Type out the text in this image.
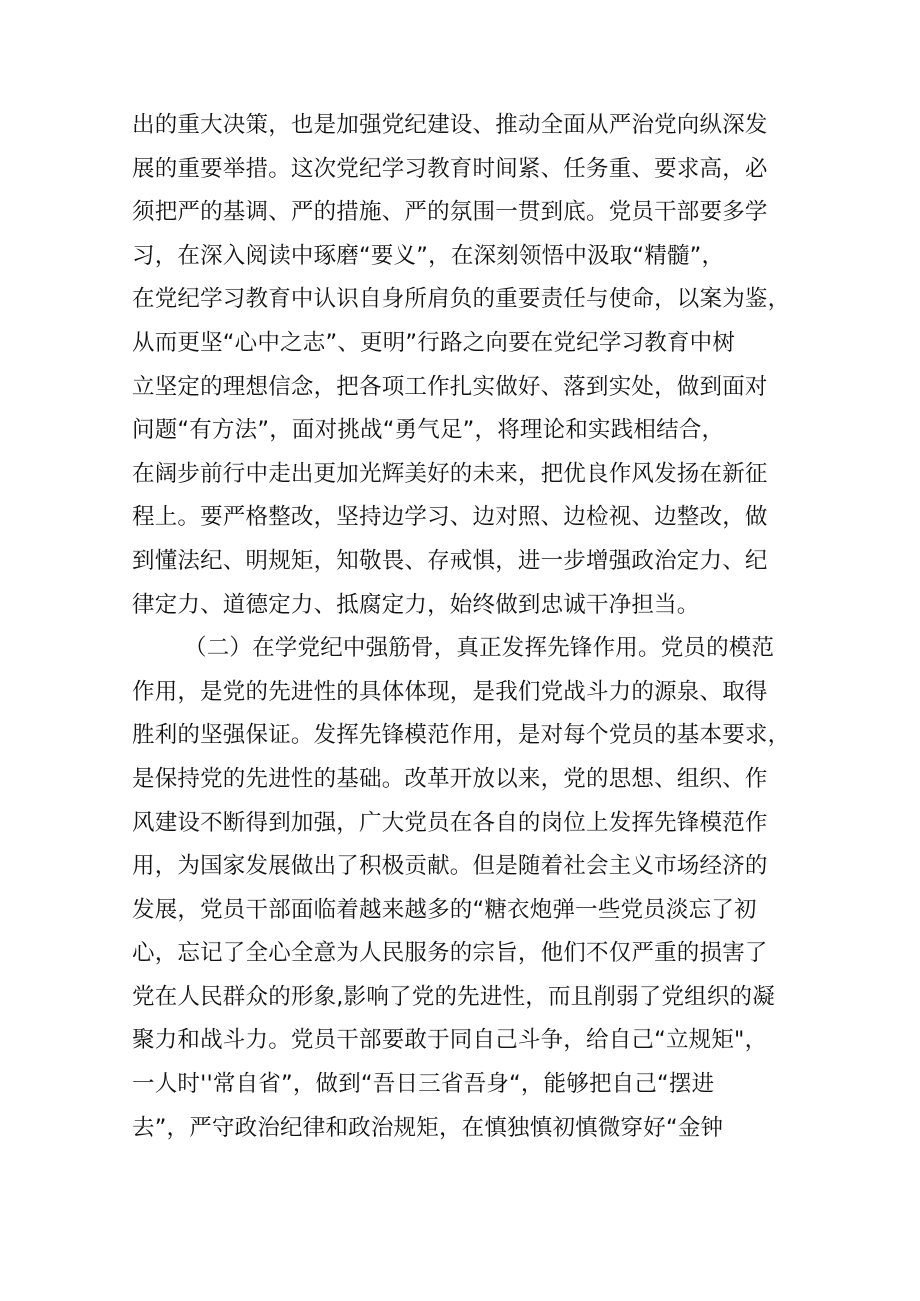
出的重大决策，也是加强党纪建设、推动全面从严治党向纵深发
展的重要举措。这次党纪学习教育时间紧、任务重、要求高，必
须把严的基调、严的措施、严的氛围一贯到底。党员干部要多学
习，在深入阅读中琢磨“要义”，在深刻领悟中汲取“精髓”，
在党纪学习教育中认识自身所肩负的重要责任与使命，以案为鉴，
从而更坚“心中之志”、更明”行路之向要在党纪学习教育中树
立坚定的理想信念，把各项工作扎实做好、落到实处，做到面对
问题“有方法”，面对挑战“勇气足”，将理论和实践相结合，
在阔步前行中走出更加光辉美好的未来，把优良作风发扬在新征
程上。要严格整改，坚持边学习、边对照、边检视、边整改，做
到懂法纪、明规矩，知敬畏、存戒惧，进一步增强政治定力、纪
律定力、道德定力、抵腐定力，始终做到忠诚干净担当。
（二）在学党纪中强筋骨，真正发挥先锋作用。党员的模范
作用，是党的先进性的具体体现，是我们党战斗力的源泉、取得
胜利的坚强保证。发挥先锋模范作用，是对每个党员的基本要求，
是保持党的先进性的基础。改革开放以来，党的思想、组织、作
风建设不断得到加强，广大党员在各自的岗位上发挥先锋模范作
用，为国家发展做出了积极贡献。但是随着社会主义市场经济的
发展，党员干部面临着越来越多的“糖衣炮弹一些党员淡忘了初
心，忘记了全心全意为人民服务的宗旨，他们不仅严重的损害了
党在人民群众的形象,影响了党的先进性，而且削弱了党组织的凝
聚力和战斗力。党员干部要敢于同自己斗争，给自己“立规矩"，
一人时''常自省”，做到“吾日三省吾身“，能够把自己“摆进
去”，严守政治纪律和政治规矩，在慎独慎初慎微穿好“金钟
